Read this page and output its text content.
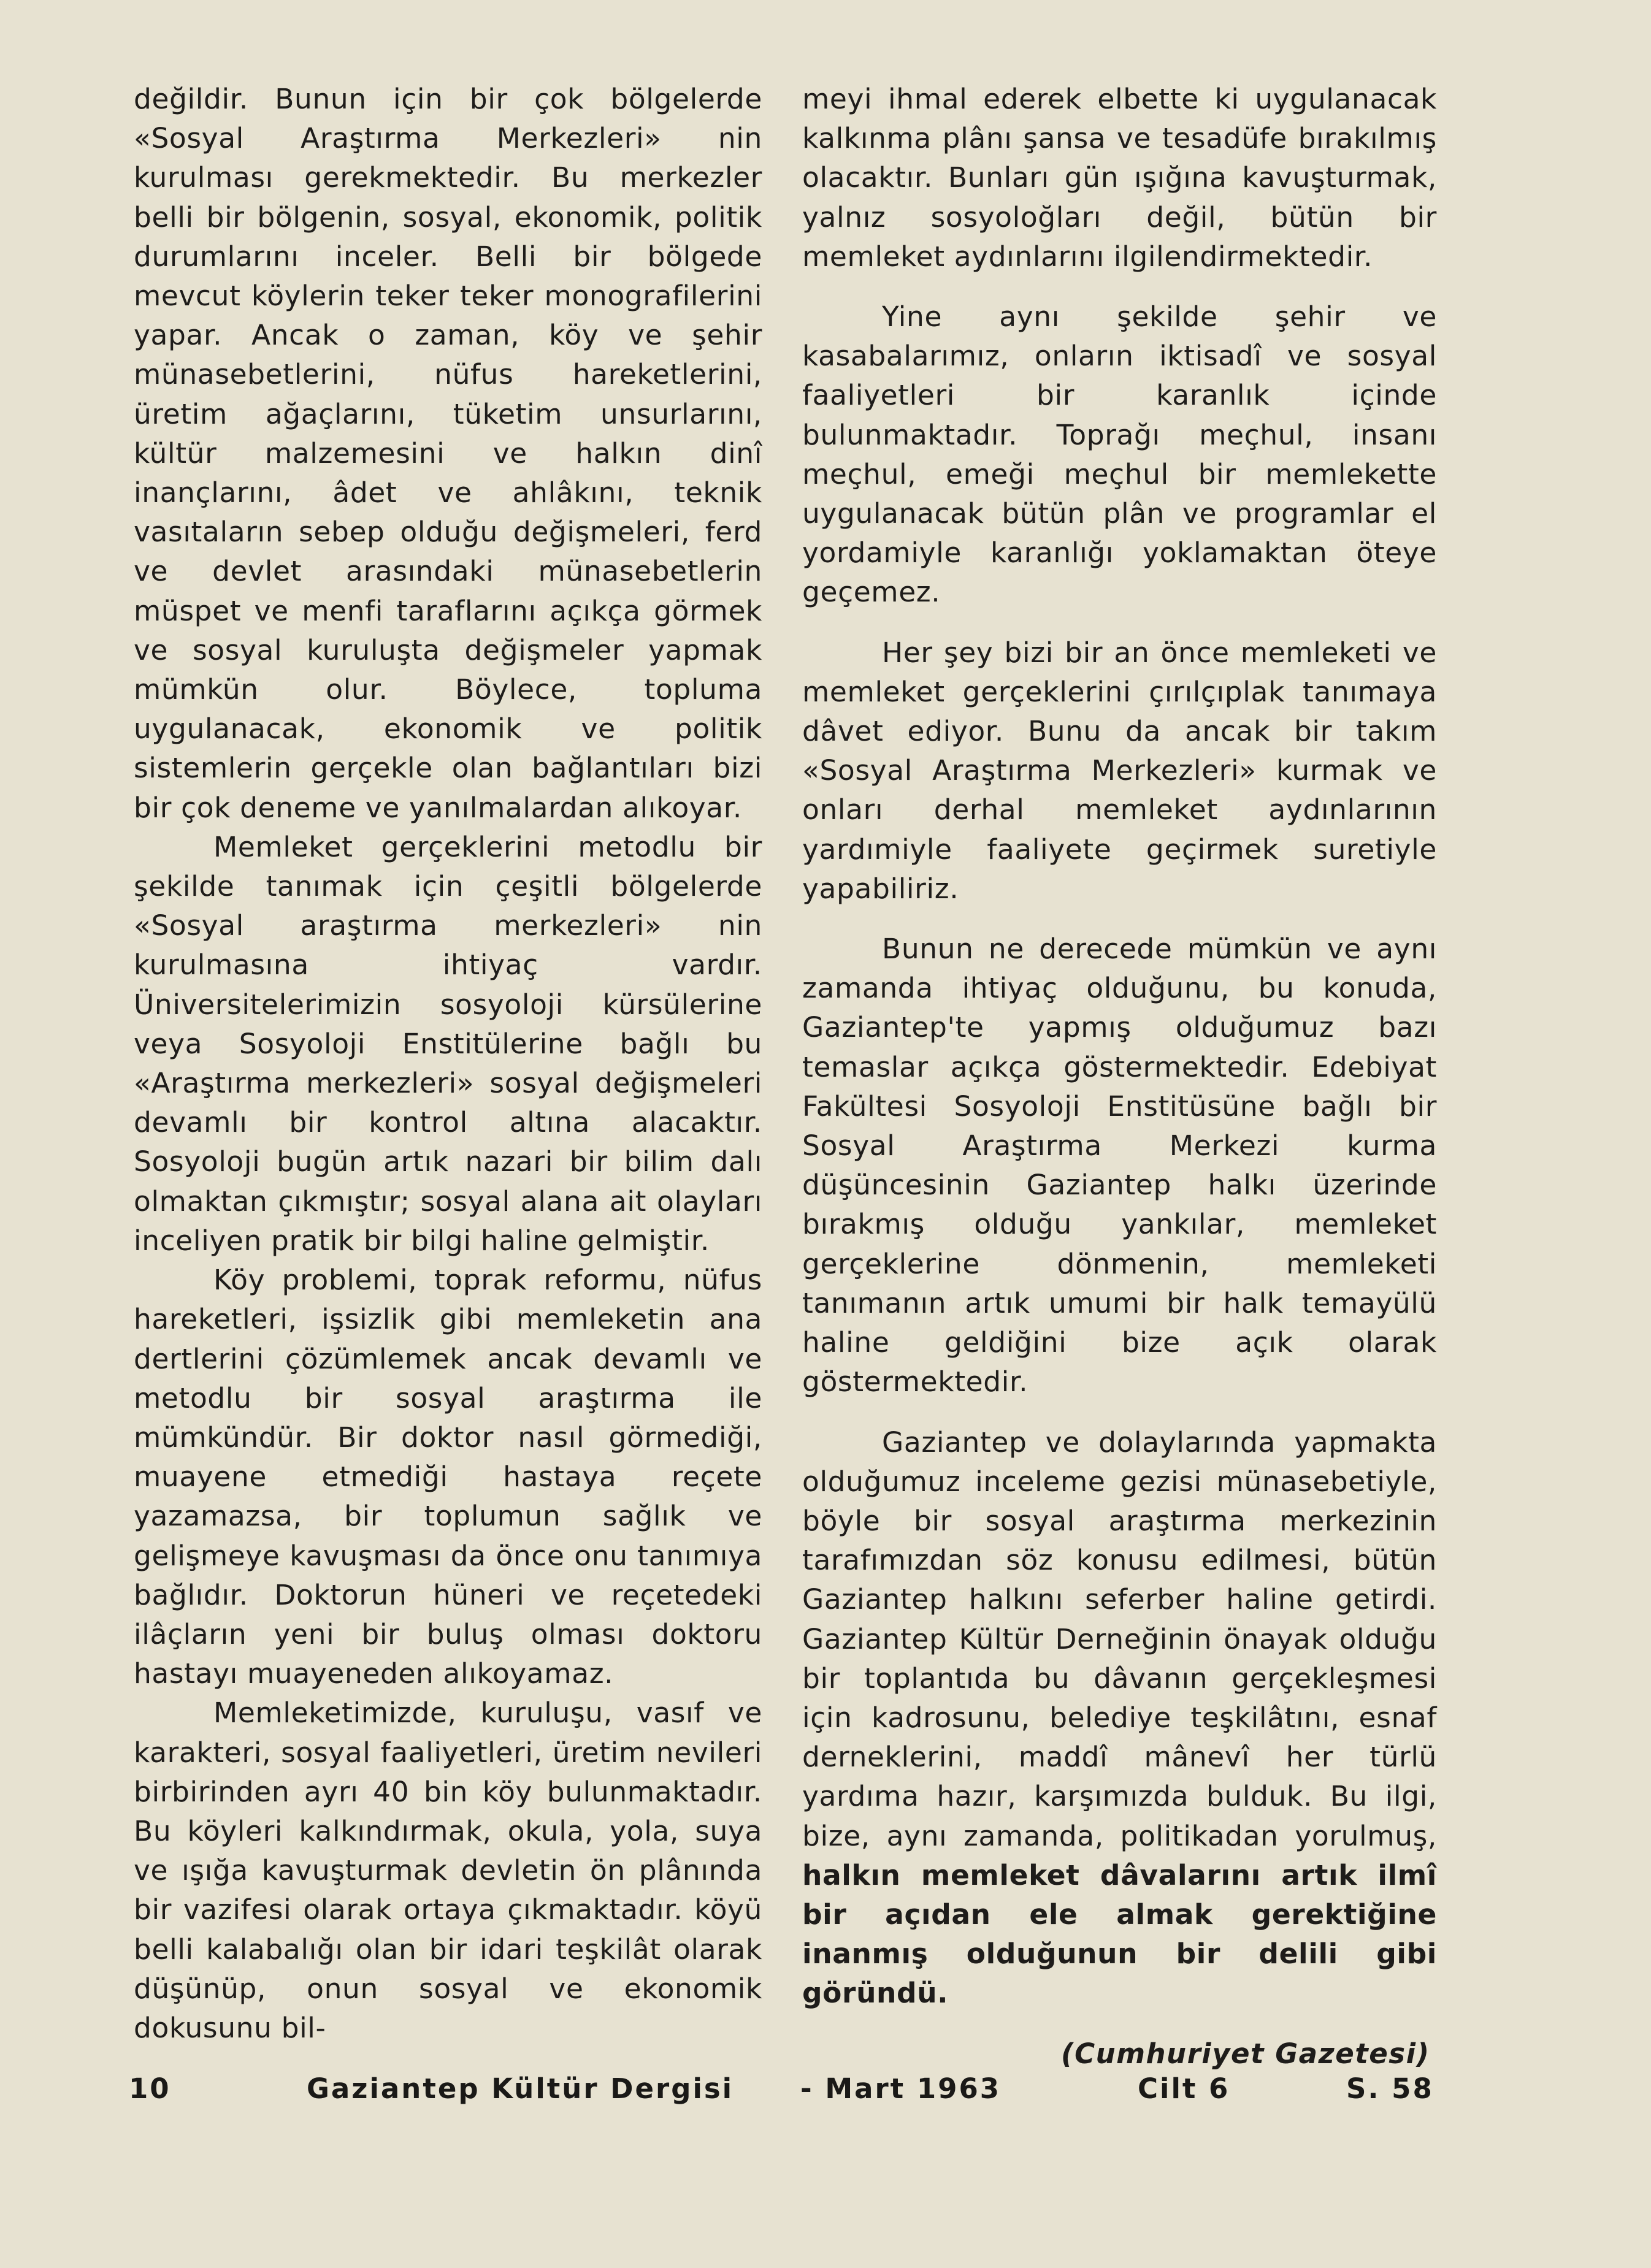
değildir. Bunun için bir çok bölgelerde «Sosyal Araştırma Merkezleri» nin kurulması gerekmektedir. Bu merkezler belli bir bölgenin, sosyal, ekonomik, politik durumlarını inceler. Belli bir bölgede mevcut köylerin teker teker monografilerini yapar. Ancak o zaman, köy ve şehir münasebetlerini, nüfus hareketlerini, üretim ağaçlarını, tüketim unsurlarını, kültür malzemesini ve halkın dinî inançlarını, âdet ve ahlâkını, teknik vasıtaların sebep olduğu değişmeleri, ferd ve devlet arasındaki münasebetlerin müspet ve menfi taraflarını açıkça görmek ve sosyal kuruluşta değişmeler yapmak mümkün olur. Böylece, topluma uygulanacak, ekonomik ve politik sistemlerin gerçekle olan bağlantıları bizi bir çok deneme ve yanılmalardan alıkoyar.

Memleket gerçeklerini metodlu bir şekilde tanımak için çeşitli bölgelerde «Sosyal araştırma merkezleri» nin kurulmasına ihtiyaç vardır. Üniversitelerimizin sosyoloji kürsülerine veya Sosyoloji Enstitülerine bağlı bu «Araştırma merkezleri» sosyal değişmeleri devamlı bir kontrol altına alacaktır. Sosyoloji bugün artık nazari bir bilim dalı olmaktan çıkmıştır; sosyal alana ait olayları inceliyen pratik bir bilgi haline gelmiştir.

Köy problemi, toprak reformu, nüfus hareketleri, işsizlik gibi memleketin ana dertlerini çözümlemek ancak devamlı ve metodlu bir sosyal araştırma ile mümkündür. Bir doktor nasıl görmediği, muayene etmediği hastaya reçete yazamazsa, bir toplumun sağlık ve gelişmeye kavuşması da önce onu tanımıya bağlıdır. Doktorun hüneri ve reçetedeki ilâçların yeni bir buluş olması doktoru hastayı muayeneden alıkoyamaz.

Memleketimizde, kuruluşu, vasıf ve karakteri, sosyal faaliyetleri, üretim nevileri birbirinden ayrı 40 bin köy bulunmaktadır. Bu köyleri kalkındırmak, okula, yola, suya ve ışığa kavuşturmak devletin ön plânında bir vazifesi olarak ortaya çıkmaktadır. köyü belli kalabalığı olan bir idari teşkilât olarak düşünüp, onun sosyal ve ekonomik dokusunu bil-

meyi ihmal ederek elbette ki uygulanacak kalkınma plânı şansa ve tesadüfe bırakılmış olacaktır. Bunları gün ışığına kavuşturmak, yalnız sosyoloğları değil, bütün bir memleket aydınlarını ilgilendirmektedir.

Yine aynı şekilde şehir ve kasabalarımız, onların iktisadî ve sosyal faaliyetleri bir karanlık içinde bulunmaktadır. Toprağı meçhul, insanı meçhul, emeği meçhul bir memlekette uygulanacak bütün plân ve programlar el yordamiyle karanlığı yoklamaktan öteye geçemez.

Her şey bizi bir an önce memleketi ve memleket gerçeklerini çırılçıplak tanımaya dâvet ediyor. Bunu da ancak bir takım «Sosyal Araştırma Merkezleri» kurmak ve onları derhal memleket aydınlarının yardımiyle faaliyete geçirmek suretiyle yapabiliriz.

Bunun ne derecede mümkün ve aynı zamanda ihtiyaç olduğunu, bu konuda, Gaziantep'te yapmış olduğumuz bazı temaslar açıkça göstermektedir. Edebiyat Fakültesi Sosyoloji Enstitüsüne bağlı bir Sosyal Araştırma Merkezi kurma düşüncesinin Gaziantep halkı üzerinde bırakmış olduğu yankılar, memleket gerçeklerine dönmenin, memleketi tanımanın artık umumi bir halk temayülü haline geldiğini bize açık olarak göstermektedir.

Gaziantep ve dolaylarında yapmakta olduğumuz inceleme gezisi münasebetiyle, böyle bir sosyal araştırma merkezinin tarafımızdan söz konusu edilmesi, bütün Gaziantep halkını seferber haline getirdi. Gaziantep Kültür Derneğinin önayak olduğu bir toplantıda bu dâvanın gerçekleşmesi için kadrosunu, belediye teşkilâtını, esnaf derneklerini, maddî mânevî her türlü yardıma hazır, karşımızda bulduk. Bu ilgi, bize, aynı zamanda, politikadan yorulmuş, halkın memleket dâvalarını artık ilmî bir açıdan ele almak gerektiğine inanmış olduğunun bir delili gibi göründü.

(Cumhuriyet Gazetesi)
10	Gaziantep Kültür Dergisi - Mart 1963	Cilt 6	S. 58
